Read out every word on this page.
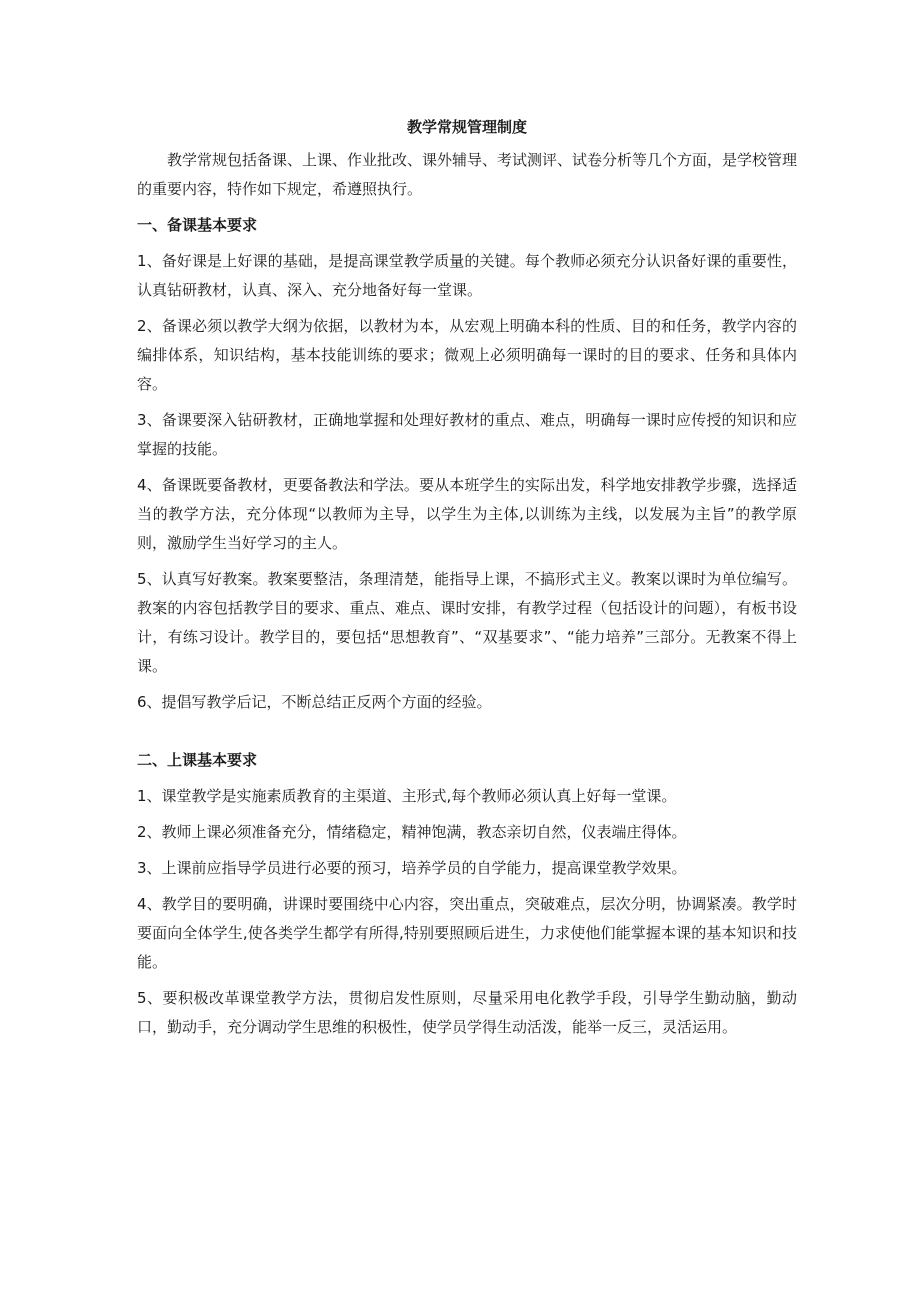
教学常规管理制度

教学常规包括备课、上课、作业批改、课外辅导、考试测评、试卷分析等几个方面，是学校管理的重要内容，特作如下规定，希遵照执行。

一、备课基本要求

1、备好课是上好课的基础，是提高课堂教学质量的关键。每个教师必须充分认识备好课的重要性，认真钻研教材，认真、深入、充分地备好每一堂课。

2、备课必须以教学大纲为依据，以教材为本，从宏观上明确本科的性质、目的和任务，教学内容的编排体系，知识结构，基本技能训练的要求；微观上必须明确每一课时的目的要求、任务和具体内容。

3、备课要深入钻研教材，正确地掌握和处理好教材的重点、难点，明确每一课时应传授的知识和应掌握的技能。

4、备课既要备教材，更要备教法和学法。要从本班学生的实际出发，科学地安排教学步骤，选择适当的教学方法，充分体现“以教师为主导，以学生为主体,以训练为主线，以发展为主旨”的教学原则，激励学生当好学习的主人。

5、认真写好教案。教案要整洁，条理清楚，能指导上课，不搞形式主义。教案以课时为单位编写。教案的内容包括教学目的要求、重点、难点、课时安排，有教学过程（包括设计的问题），有板书设计，有练习设计。教学目的，要包括“思想教育”、“双基要求”、“能力培养”三部分。无教案不得上课。

6、提倡写教学后记，不断总结正反两个方面的经验。

二、上课基本要求

1、课堂教学是实施素质教育的主渠道、主形式,每个教师必须认真上好每一堂课。

2、教师上课必须准备充分，情绪稳定，精神饱满，教态亲切自然，仪表端庄得体。

3、上课前应指导学员进行必要的预习，培养学员的自学能力，提高课堂教学效果。

4、教学目的要明确，讲课时要围绕中心内容，突出重点，突破难点，层次分明，协调紧凑。教学时要面向全体学生,使各类学生都学有所得,特别要照顾后进生，力求使他们能掌握本课的基本知识和技能。

5、要积极改革课堂教学方法，贯彻启发性原则，尽量采用电化教学手段，引导学生勤动脑，勤动口，勤动手，充分调动学生思维的积极性，使学员学得生动活泼，能举一反三，灵活运用。
